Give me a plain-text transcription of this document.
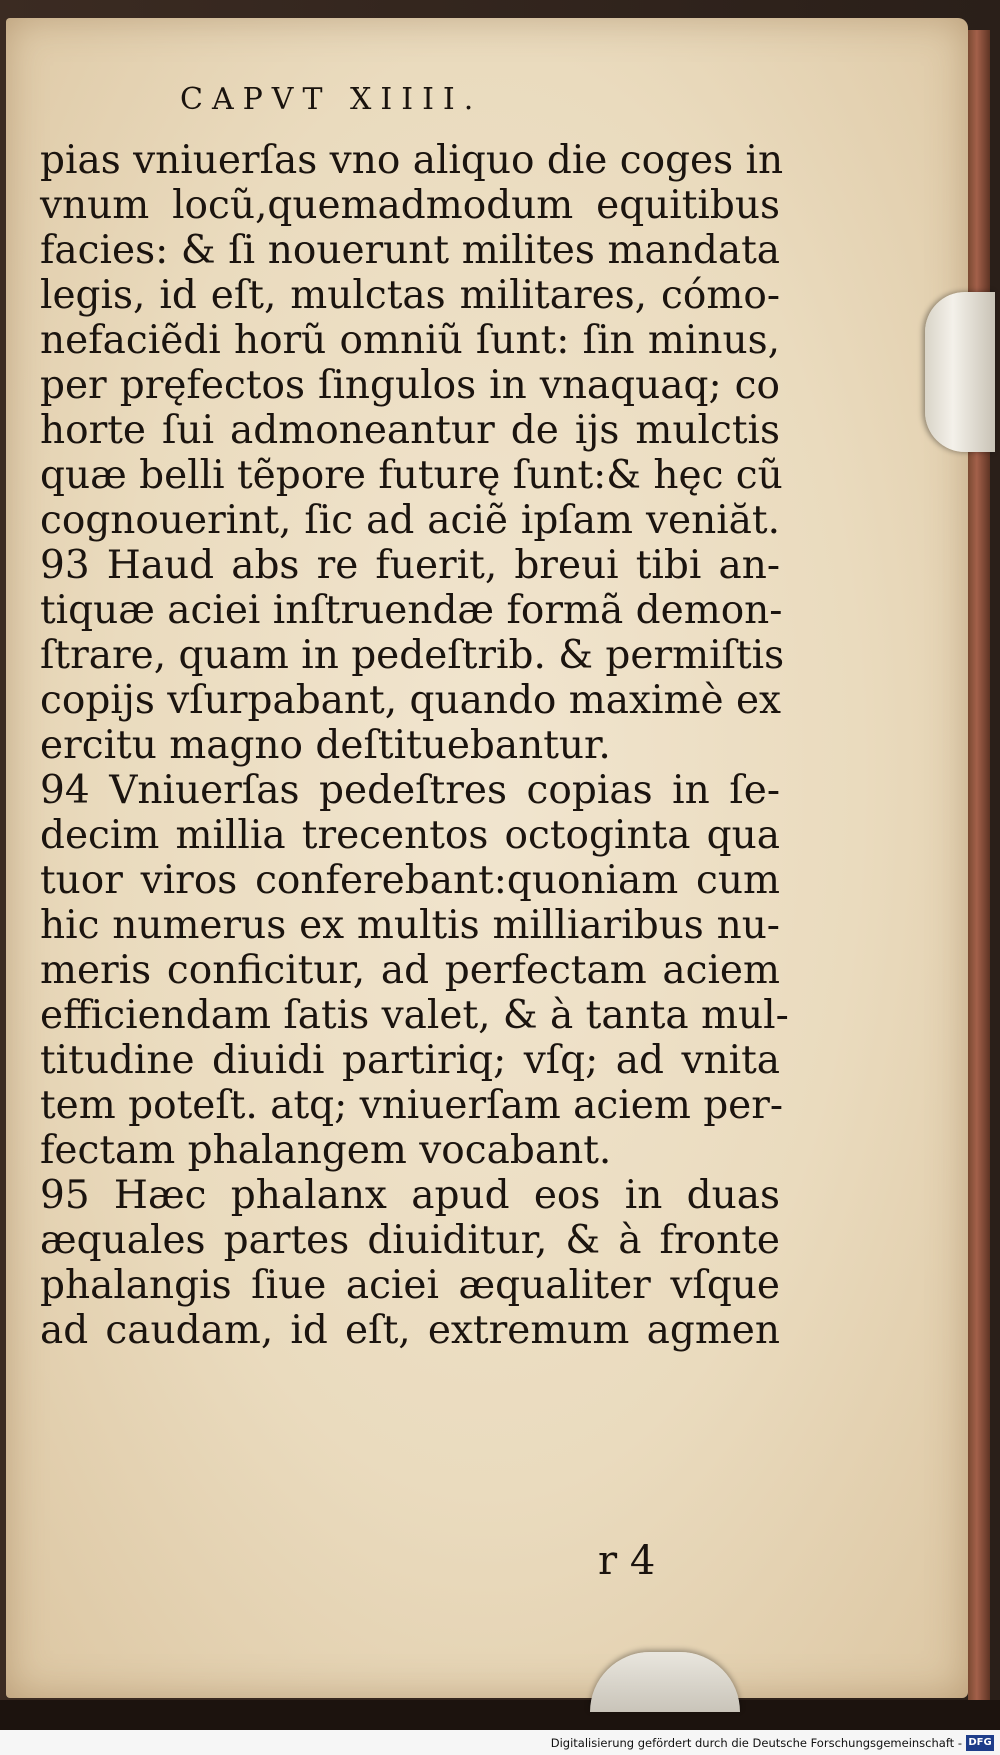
CAPVT XIIII.
pias vniuerſas vno aliquo die coges in
vnum locũ,quemadmodum equitibus
facies: & ſi nouerunt milites mandata
legis, id eſt, mulctas militares, cómo-
nefaciẽdi horũ omniũ ſunt: ſin minus,
per pręfectos ſingulos in vnaquaq; co
horte ſui admoneantur de ijs mulctis
quæ belli tẽpore futurę ſunt:& hęc cũ
cognouerint, ſic ad aciẽ ipſam veniăt.
93 Haud abs re fuerit, breui tibi an-
tiquæ aciei inſtruendæ formã demon-
ſtrare, quam in pedeſtrib. & permiſtis
copijs vſurpabant, quando maximè ex
ercitu magno deſtituebantur.
94 Vniuerſas pedeſtres copias in ſe-
decim millia trecentos octoginta qua
tuor viros conferebant:quoniam cum
hic numerus ex multis milliaribus nu-
meris conficitur, ad perfectam aciem
efficiendam ſatis valet, & à tanta mul-
titudine diuidi partiriq; vſq; ad vnita
tem poteſt. atq; vniuerſam aciem per-
fectam phalangem vocabant.
95 Hæc phalanx apud eos in duas
æquales partes diuiditur, & à fronte
phalangis ſiue aciei æqualiter vſque
ad caudam, id eſt, extremum agmen
r 4
Digitalisierung gefördert durch die Deutsche Forschungsgemeinschaft - DFG
